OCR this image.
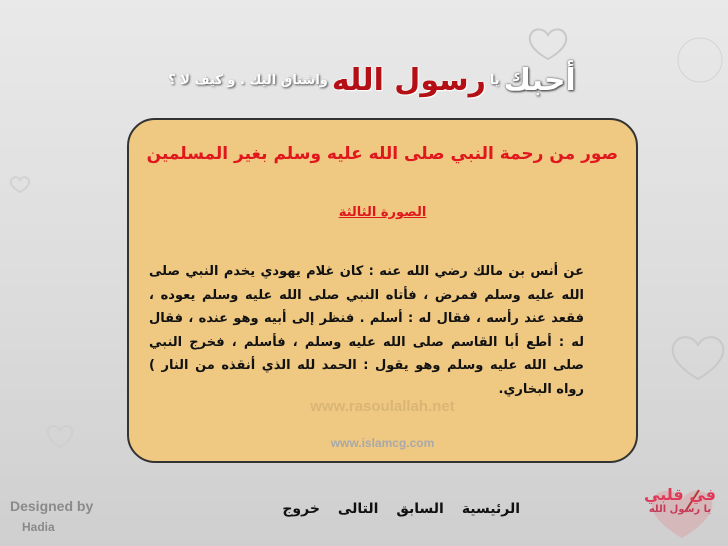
أحبك
يا
رسول الله
واشتاق اليك . و كيف لا ؟
صور من رحمة النبي صلى الله عليه وسلم بغير المسلمين
الصورة الثالثة
عن أنس بن مالك رضي الله عنه : كان غلام يهودي يخدم النبي صلى الله عليه وسلم فمرض ، فأتاه النبي صلى الله عليه وسلم يعوده ، فقعد عند رأسه ، فقال له : أسلم . فنظر إلى أبيه وهو عنده ، فقال له : أطع أبا القاسم صلى الله عليه وسلم ، فأسلم ، فخرج النبي صلى الله عليه وسلم وهو يقول : الحمد لله الذي أنقذه من النار ) رواه البخاري.
www.rasoulallah.net
www.islamcg.com
الرئيسية
السابق
التالى
خروج
Designed by
Hadia
في قلبي
يا رسول الله
